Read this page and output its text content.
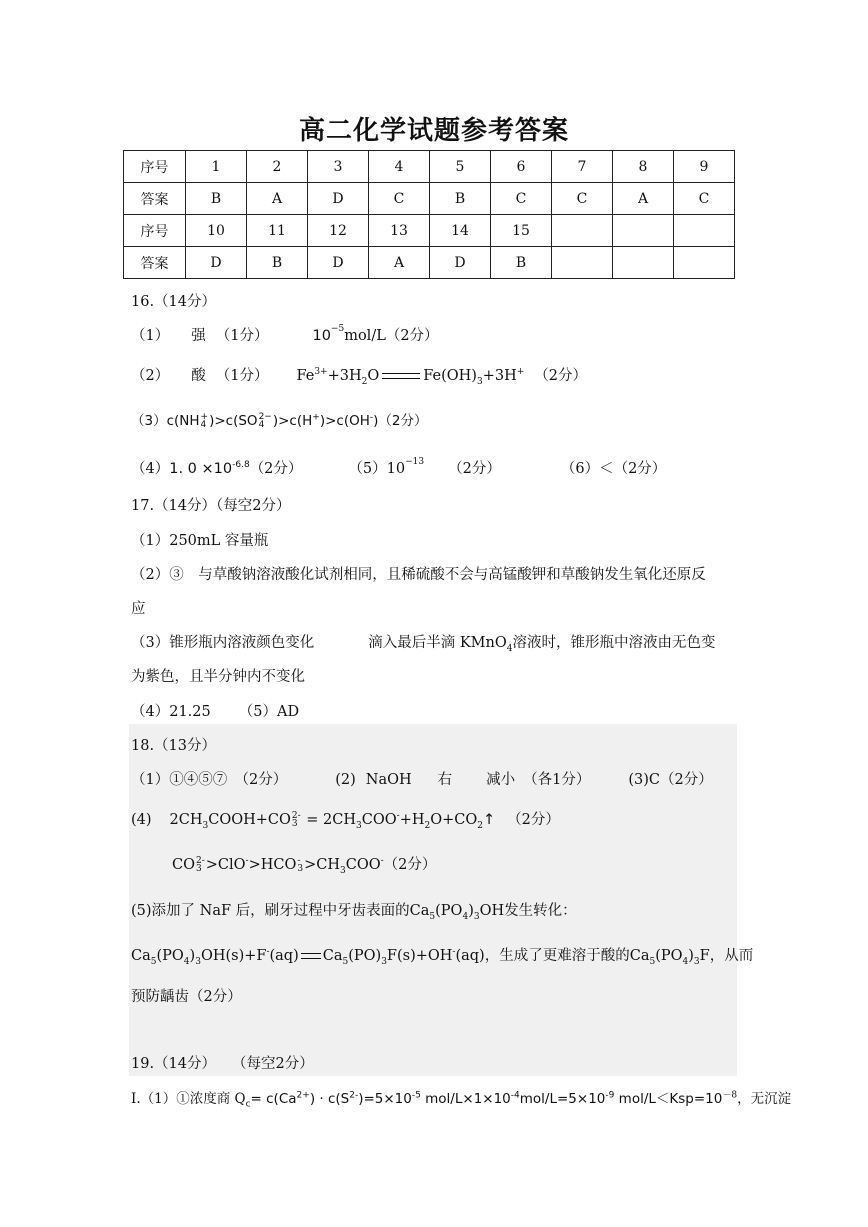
高二化学试题参考答案
序号	1	2	3	4	5	6	7	8	9
答案	B	A	D	C	B	C	C	A	C
序号	10	11	12	13	14	15			
答案	D	B	D	A	D	B			
16.（14分）
（1） 强 （1分）	$10^{-5}mol/L(2$分）
（2） 酸 （1分） $Fe^{3+}+3H_2O$	$Fe(OH)_3+3H^+$ （2分）
（3）c(NH+
4 )>c(SO2−
4 )>c(H+)>c(OH-)（2分）
（4）1. $0 \times 10^{-6.8}(2$分）	$(5)10^{-13}$ （2分）	（6）＜（2分）
17.（14分）（每空2分）
（1）250mL 容量瓶
（2）③　与草酸钠溶液酸化试剂相同，且稀硫酸不会与高锰酸钾和草酸钠发生氧化还原反
应
（3）锥形瓶内溶液颜色变化	滴入最后半滴 KMnO$_4$溶液时，锥形瓶中溶液由无色变
为紫色，且半分钟内不变化
（4）21.25 （5）AD
18.（13分）
（1）①④⑤⑦　（2分）	(2) NaOH 右 减小 （各1分）	(3)C（2分）
(4) $2CH_3COOH+CO2-$
$3 = 2CH_3COO^-+H_2O+CO_2↑$ （2分）
CO2-
3 >ClO->HCO-
$3>CH_3COO^-(2$分）
(5)添加了 NaF 后，刷牙过程中牙齿表面的$Ca_5(PO_4)_3OH$发生转化：
$Ca_5(PO_4)_3OH(s)+F^-(aq)$ $Ca_5(PO)_3F(s)+OH^-(aq)$，生成了更难溶于酸的$Ca_5(PO_4)_3F$，从而
预防龋齿（2分）
19.（14分） （每空2分）
I.（1）①浓度商 $Q_c= c(Ca^{2+}) \cdot c(S^{2-})=5\times 10^{-5}$ mol/$L\times 1\times 10^{-4}mol/L=5\times 10^{-9}$ mol/$L<Ksp=10^{-8}$，无沉淀
